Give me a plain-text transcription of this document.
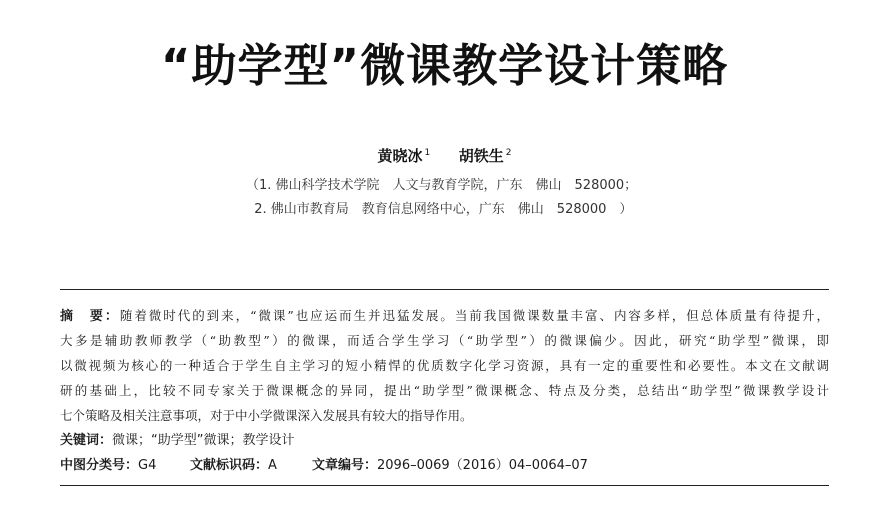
“助学型”微课教学设计策略
黄晓冰 $^1$ 胡铁生 $^2$
（1. 佛山科学技术学院　人文与教育学院，广东　佛山　528000；
2. 佛山市教育局　教育信息网络中心，广东　佛山　528000　）
摘　要：随着微时代的到来，“微课”也应运而生并迅猛发展。当前我国微课数量丰富、内容多样，但总体质量有待提升，
大多是辅助教师教学（“助教型”）的微课，而适合学生学习（“助学型”）的微课偏少。因此，研究“助学型”微课，即
以微视频为核心的一种适合于学生自主学习的短小精悍的优质数字化学习资源，具有一定的重要性和必要性。本文在文献调
研的基础上，比较不同专家关于微课概念的异同，提出“助学型”微课概念、特点及分类，总结出“助学型”微课教学设计
七个策略及相关注意事项，对于中小学微课深入发展具有较大的指导作用。
关键词：微课；“助学型”微课；教学设计
中图分类号：G4	文献标识码：A	文章编号：2096–0069（2016）04–0064–07
